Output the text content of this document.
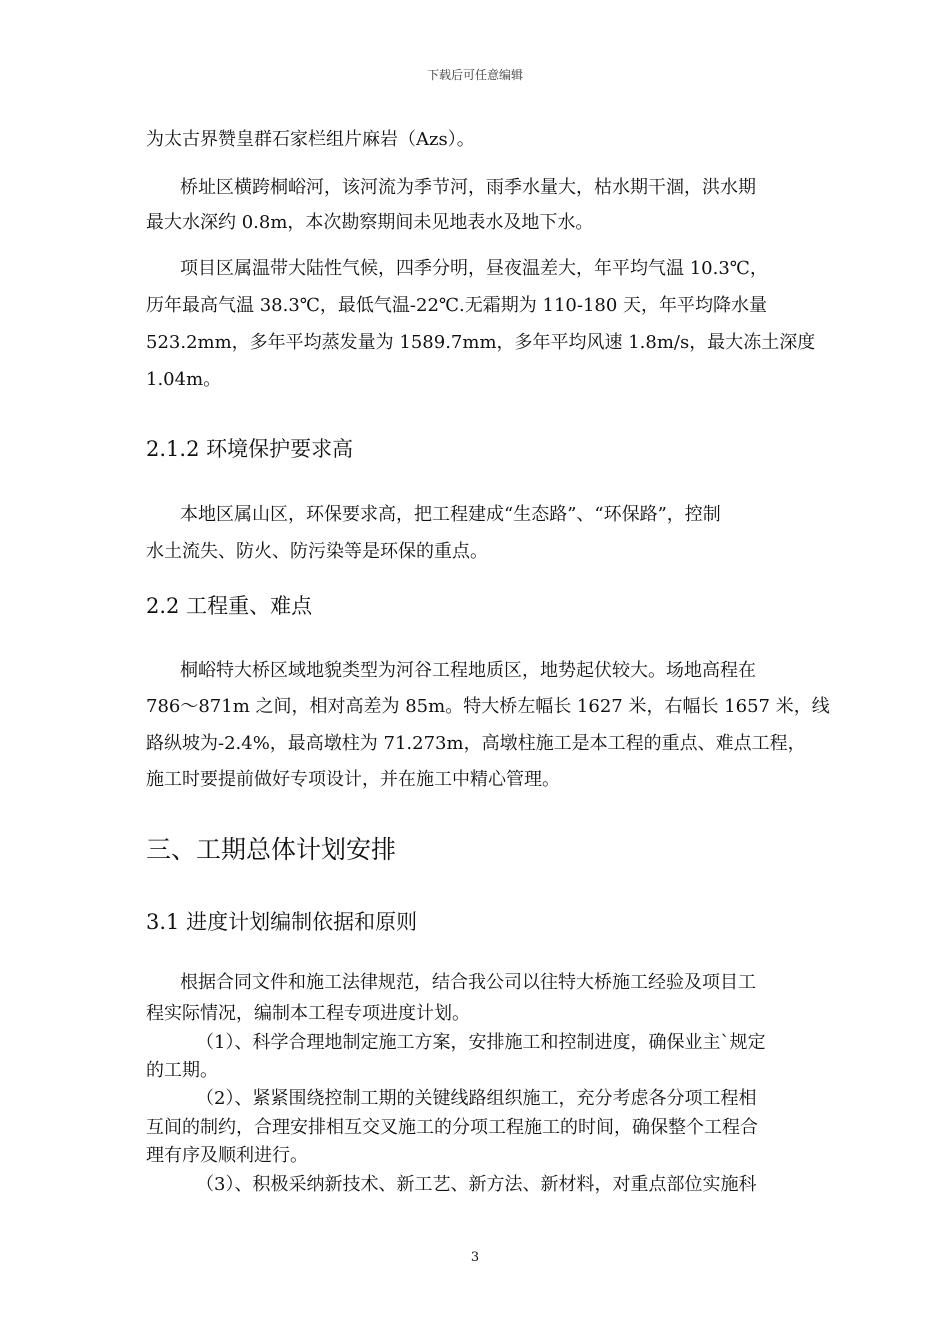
下载后可任意编辑
为太古界赞皇群石家栏组片麻岩（Azs）。
桥址区横跨桐峪河，该河流为季节河，雨季水量大，枯水期干涸，洪水期
最大水深约 0.8m，本次勘察期间未见地表水及地下水。
项目区属温带大陆性气候，四季分明，昼夜温差大，年平均气温 10.3℃，
历年最高气温 38.3℃，最低气温-22℃.无霜期为 110-180 天，年平均降水量
523.2mm，多年平均蒸发量为 1589.7mm，多年平均风速 1.8m/s，最大冻土深度
1.04m。
2.1.2 环境保护要求高
本地区属山区，环保要求高，把工程建成“生态路”、“环保路”，控制
水土流失、防火、防污染等是环保的重点。
2.2 工程重、难点
桐峪特大桥区域地貌类型为河谷工程地质区，地势起伏较大。场地高程在
786～871m 之间，相对高差为 85m。特大桥左幅长 1627 米，右幅长 1657 米，线
路纵坡为-2.4%，最高墩柱为 71.273m，高墩柱施工是本工程的重点、难点工程，
施工时要提前做好专项设计，并在施工中精心管理。
三、工期总体计划安排
3.1 进度计划编制依据和原则
根据合同文件和施工法律规范，结合我公司以往特大桥施工经验及项目工
程实际情况，编制本工程专项进度计划。
（1）、科学合理地制定施工方案，安排施工和控制进度，确保业主`规定
的工期。
（2）、紧紧围绕控制工期的关键线路组织施工，充分考虑各分项工程相
互间的制约，合理安排相互交叉施工的分项工程施工的时间，确保整个工程合
理有序及顺利进行。
（3）、积极采纳新技术、新工艺、新方法、新材料，对重点部位实施科
3
